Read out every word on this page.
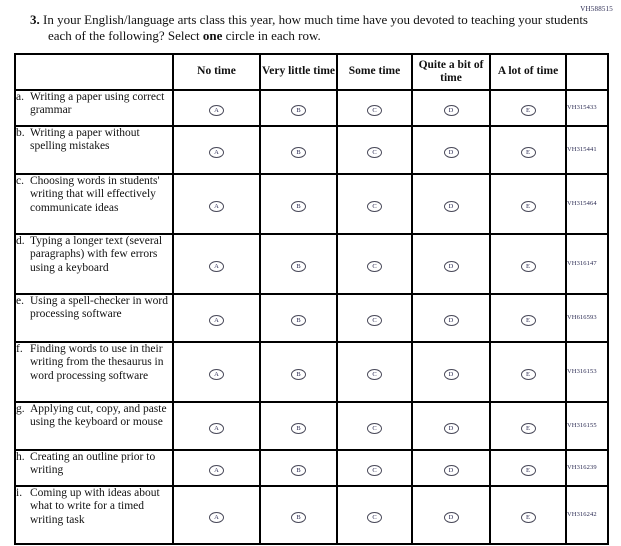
VH588515
3. In your English/language arts class this year, how much time have you devoted to teaching your students each of the following? Select one circle in each row.
	No time	Very little time	Some time	Quite a bit of time	A lot of time	

a. Writing a paper using correct grammar	A	B	C	D	E	VH315433

b. Writing a paper without spelling mistakes	A	B	C	D	E	VH315441

c. Choosing words in students' writing that will effectively communicate ideas	A	B	C	D	E	VH315464

d. Typing a longer text (several paragraphs) with few errors using a keyboard	A	B	C	D	E	VH316147

e. Using a spell-checker in word processing software	A	B	C	D	E	VH616593

f. Finding words to use in their writing from the thesaurus in word processing software	A	B	C	D	E	VH316153

g. Applying cut, copy, and paste using the keyboard or mouse	A	B	C	D	E	VH316155

h. Creating an outline prior to writing	A	B	C	D	E	VH316239

i. Coming up with ideas about what to write for a timed writing task	A	B	C	D	E	VH316242
